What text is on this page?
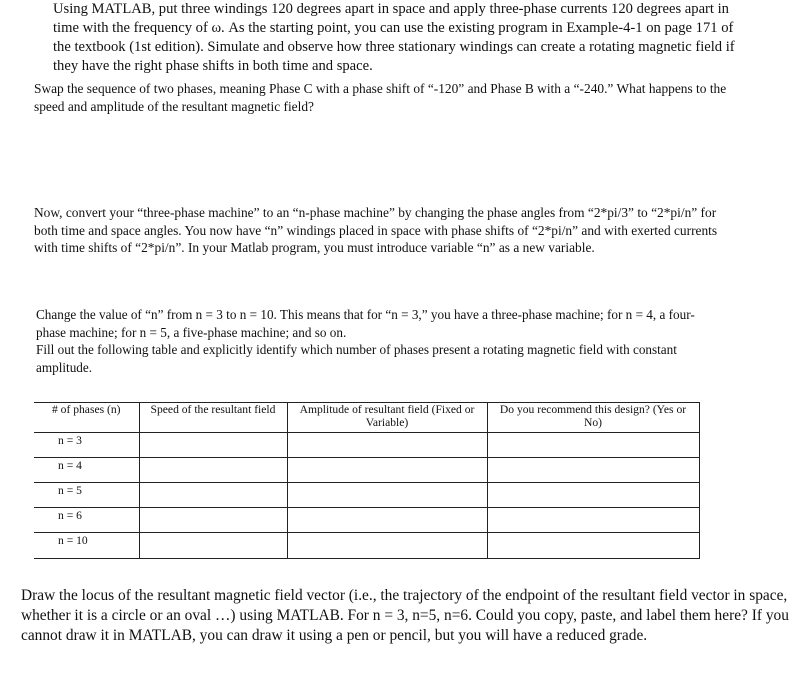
Using MATLAB, put three windings 120 degrees apart in space and apply three-phase currents 120 degrees apart in time with the frequency of ω. As the starting point, you can use the existing program in Example-4-1 on page 171 of the textbook (1st edition). Simulate and observe how three stationary windings can create a rotating magnetic field if they have the right phase shifts in both time and space.

Swap the sequence of two phases, meaning Phase C with a phase shift of “-120” and Phase B with a “-240.” What happens to the speed and amplitude of the resultant magnetic field?

Now, convert your “three-phase machine” to an “n-phase machine” by changing the phase angles from “2*pi/3” to “2*pi/n” for both time and space angles. You now have “n” windings placed in space with phase shifts of “2*pi/n” and with exerted currents with time shifts of “2*pi/n”. In your Matlab program, you must introduce variable “n” as a new variable.

Change the value of “n” from n = 3 to n = 10. This means that for “n = 3,” you have a three-phase machine; for n = 4, a four-phase machine; for n = 5, a five-phase machine; and so on.

Fill out the following table and explicitly identify which number of phases present a rotating magnetic field with constant amplitude.

# of phases (n)	Speed of the resultant field	Amplitude of resultant field (Fixed or Variable)	Do you recommend this design? (Yes or No)
n = 3			
n = 4			
n = 5			
n = 6			
n = 10			

Draw the locus of the resultant magnetic field vector (i.e., the trajectory of the endpoint of the resultant field vector in space, whether it is a circle or an oval …) using MATLAB. For n = 3, n=5, n=6. Could you copy, paste, and label them here? If you cannot draw it in MATLAB, you can draw it using a pen or pencil, but you will have a reduced grade.
